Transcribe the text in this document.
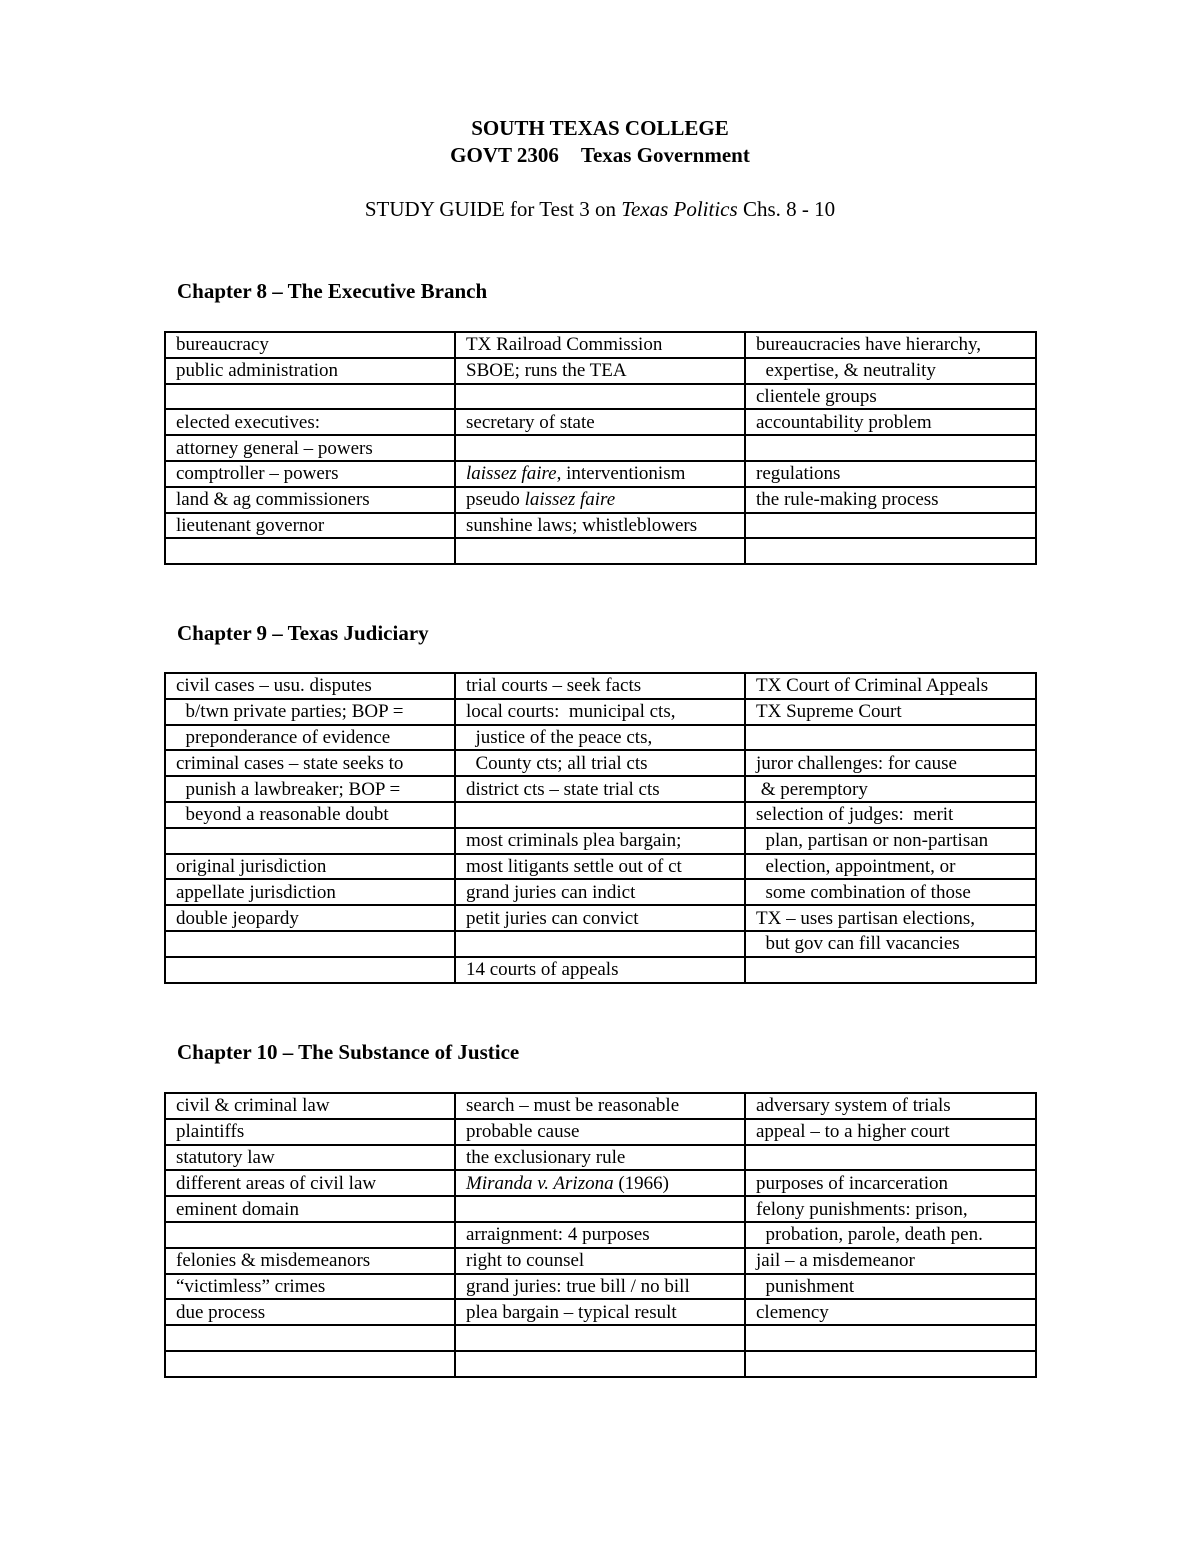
SOUTH TEXAS COLLEGE
GOVT 2306 Texas Government
STUDY GUIDE for Test 3 on Texas Politics Chs. 8 - 10
Chapter 8 – The Executive Branch
bureaucracy	TX Railroad Commission	bureaucracies have hierarchy,
public administration	SBOE; runs the TEA	expertise, & neutrality
		clientele groups
elected executives:	secretary of state	accountability problem
attorney general – powers		
comptroller – powers	laissez faire, interventionism	regulations
land & ag commissioners	pseudo laissez faire	the rule-making process
lieutenant governor	sunshine laws; whistleblowers	

Chapter 9 – Texas Judiciary
civil cases – usu. disputes	trial courts – seek facts	TX Court of Criminal Appeals
b/twn private parties; BOP =	local courts:  municipal cts,	TX Supreme Court
preponderance of evidence	justice of the peace cts,	
criminal cases – state seeks to	County cts; all trial cts	juror challenges: for cause
punish a lawbreaker; BOP =	district cts – state trial cts	& peremptory
beyond a reasonable doubt		selection of judges:  merit
	most criminals plea bargain;	plan, partisan or non-partisan
original jurisdiction	most litigants settle out of ct	election, appointment, or
appellate jurisdiction	grand juries can indict	some combination of those
double jeopardy	petit juries can convict	TX – uses partisan elections,
		but gov can fill vacancies
	14 courts of appeals	
Chapter 10 – The Substance of Justice
civil & criminal law	search – must be reasonable	adversary system of trials
plaintiffs	probable cause	appeal – to a higher court
statutory law	the exclusionary rule	
different areas of civil law	Miranda v. Arizona (1966)	purposes of incarceration
eminent domain		felony punishments: prison,
	arraignment: 4 purposes	probation, parole, death pen.
felonies & misdemeanors	right to counsel	jail – a misdemeanor
“victimless” crimes	grand juries: true bill / no bill	punishment
due process	plea bargain – typical result	clemency
